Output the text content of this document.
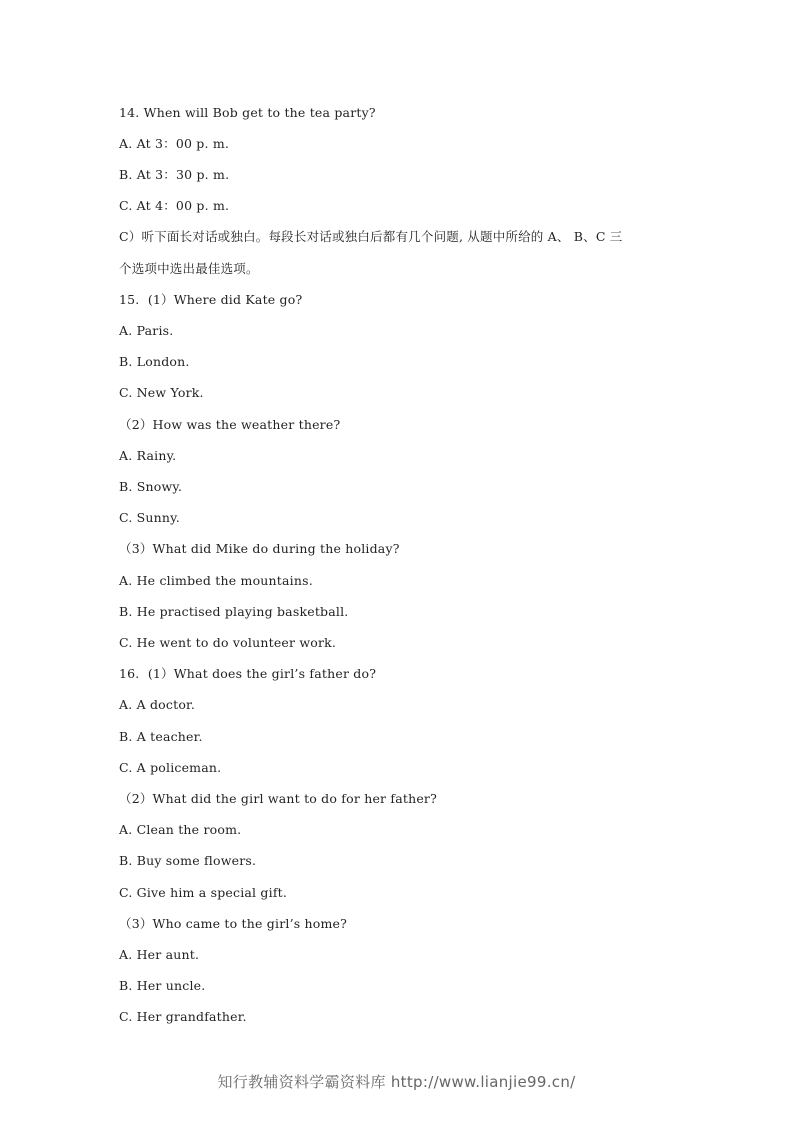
14. When will Bob get to the tea party?
A. At 3：00 p. m.
B. At 3：30 p. m.
C. At 4：00 p. m.
C）听下面长对话或独白。每段长对话或独白后都有几个问题, 从题中所给的 A、 B、C 三
个选项中选出最佳选项。
15.  (1）Where did Kate go?
A. Paris.
B. London.
C. New York.
（2）How was the weather there?
A. Rainy.
B. Snowy.
C. Sunny.
（3）What did Mike do during the holiday?
A. He climbed the mountains.
B. He practised playing basketball.
C. He went to do volunteer work.
16.  (1）What does the girl’s father do?
A. A doctor.
B. A teacher.
C. A policeman.
（2）What did the girl want to do for her father?
A. Clean the room.
B. Buy some flowers.
C. Give him a special gift.
（3）Who came to the girl’s home?
A. Her aunt.
B. Her uncle.
C. Her grandfather.
知行教辅资料学霸资料库 http://www.lianjie99.cn/
